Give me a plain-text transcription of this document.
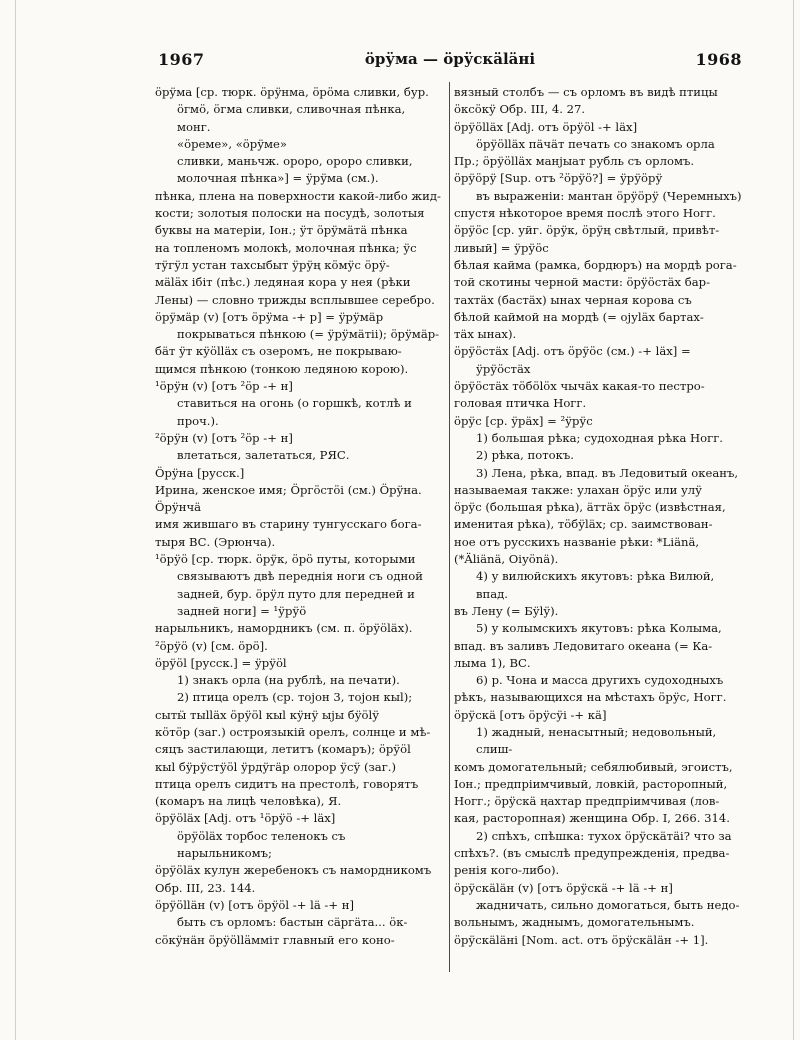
1967	ӧрӱма — ӧрӱскäläнi	1968
ӧрӱма [ср. тюрк. ӧрӱнма, ӧрӧма сливки, бур.
ӧгмӧ, ӧгма сливки, сливочная пѣнка, монг.
«ӧреме», «ӧрӱме»
сливки, маньчж. ороро, ороро сливки,
молочная пѣнка»] = ӱрӱма (см.).
пѣнка, плена на поверхности какой-либо жид-
кости; золотыя полоски на посудѣ, золотыя
буквы на матеріи, Іон.; ӱт ӧрӱмäтä пѣнка
на топленомъ молокѣ, молочная пѣнка; ӱс
тӱгӱл устан тахсыбыт ӱрӱң кӧмӱс ӧрӱ-
мälӓх ібіт (пѣс.) ледяная кора у нея (рѣки
Лены) — словно трижды всплывшее серебро.
ӧрӱмäр (v) [отъ ӧрӱма -+ р] = ӱрӱмäр
покрываться пѣнкою (= ӱрӱмäтіі); ӧрӱмäр-
бäт ӱт кӱӧlläх съ озеромъ, не покрываю-
щимся пѣнкою (тонкою ледяною корою).
¹ӧрӱн (v) [отъ ²ӧр -+ н]
ставиться на огонь (о горшкѣ, котлѣ и проч.).
²ӧрӱн (v) [отъ ²ӧр -+ н]
влетаться, залетаться, РЯС.
Ӧрӱна [русск.]
Ирина, женское имя; Ӧргӧстӧі (см.) Ӧрӱна.
Ӧрӱнчä
имя жившаго въ старину тунгусскаго бога-
тыря ВС. (Эрюнча).
¹ӧрӱӧ [ср. тюрк. ӧрӱк, ӧрӧ путы, которыми
связываютъ двѣ переднія ноги съ одной
задней, бур. ӧрӱл путо для передней и
задней ноги] = ¹ӱрӱӧ
нарыльникъ, намордникъ (см. п. ӧрӱӧläх).
²ӧрӱӧ (v) [см. ӧрӧ].
ӧрӱӧl [русск.] = ӱрӱӧl
1) знакъ орла (на рублѣ, на печати).
2) птица орелъ (ср. тоjон 3, тоjон кыl);
сытӹ тыlläх ӧрӱӧl кыl кӱнӱ ыjы бӱӧlӱ
кӧтӧр (заг.) остроязыкій орелъ, солнце и мѣ-
сяцъ застилающи, летитъ (комаръ); ӧрӱӧl
кыl бӱрӱстӱӧl ӱрдӱгäр олорор ӱсӱ (заг.)
птица орелъ сидитъ на престолѣ, говорятъ
(комаръ на лицѣ человѣка), Я.
ӧрӱӧläх [Adj. отъ ¹ӧрӱӧ -+ läх]
ӧрӱӧläх торбос теленокъ съ нарыльникомъ;
ӧрӱӧläх кулун жеребенокъ съ намордникомъ
Обр. III, 23. 144.
ӧрӱӧlläн (v) [отъ ӧрӱӧl -+ lä -+ н]
быть съ орломъ: бастын сäргäта... ӧк-
сӧкӱнäн ӧрӱӧllӓммiт главный его коно-
вязный столбъ — съ орломъ въ видѣ птицы
ӧксӧкӱ Обр. III, 4. 27.
ӧрӱӧlläх [Adj. отъ ӧрӱӧl -+ läх]
ӧрӱӧlläх пäчäт печать со знакомъ орла
Пр.; ӧрӱӧlläх манjыат рубль съ орломъ.
ӧрӱӧрӱ [Sup. отъ ²ӧрӱӧ?] = ӱрӱӧрӱ
въ выраженіи: мантан ӧрӱӧрӱ (Черемныхъ)
спустя нѣкоторое время послѣ этого Ногг.
ӧрӱӧс [ср. уйг. ӧрӱк, ӧрӱң свѣтлый, привѣт-
ливый] = ӱрӱӧс
бѣлая кайма (рамка, бордюръ) на мордѣ рога-
той скотины черной масти: ӧрӱӧстäх бар-
тахтäх (бастäх) ынах черная корова съ
бѣлой каймой на мордѣ (= ојуläх бартах-
тäх ынах).
ӧрӱӧстäх [Adj. отъ ӧрӱӧс (см.) -+ läх] =
ӱрӱӧстäх
ӧрӱӧстäх тӧбӧlӧх чычäх какая-то пестро-
головая птичка Ногг.
ӧрӱс [ср. ӱрäх] = ²ӱрӱс
1) большая рѣка; судоходная рѣка Ногг.
2) рѣка, потокъ.
3) Лена, рѣка, впад. въ Ледовитый океанъ,
называемая также: улахан ӧрӱс или улӱ
ӧрӱс (большая рѣка), äттäх ӧрӱс (извѣстная,
именитая рѣка), тӧбӱläх; ср. заимствован-
ное отъ русскихъ названіе рѣки: *Lіänä,
(*Äliänä, Оіуӧnä).
4) у вилюйскихъ якутовъ: рѣка Вилюй, впад.
въ Лену (= Бӱlӱ).
5) у колымскихъ якутовъ: рѣка Колыма,
впад. въ заливъ Ледовитаго океана (= Ка-
лыма 1), ВС.
6) р. Чона и масса другихъ судоходныхъ
рѣкъ, называющихся на мѣстахъ ӧрӱс, Ногг.
ӧрӱскä [отъ ӧрӱсӱі -+ кä]
1) жадный, ненасытный; недовольный, слиш-
комъ домогательный; себялюбивый, эгоистъ,
Іон.; предпріимчивый, ловкій, расторопный,
Ногг.; ӧрӱскä ңахтар предпріимчивая (лов-
кая, расторопная) женщина Обр. I, 266. 314.
2) спѣхъ, спѣшка: тухох ӧрӱскäтäi? что за
спѣхъ?. (въ смыслѣ предупрежденія, предва-
ренія кого-либо).
ӧрӱскäläн (v) [отъ ӧрӱскä -+ lä -+ н]
жадничать, сильно домогаться, быть недо-
вольнымъ, жаднымъ, домогательнымъ.
ӧрӱскäläнi [Nom. act. отъ ӧрӱскäläн -+ 1].
